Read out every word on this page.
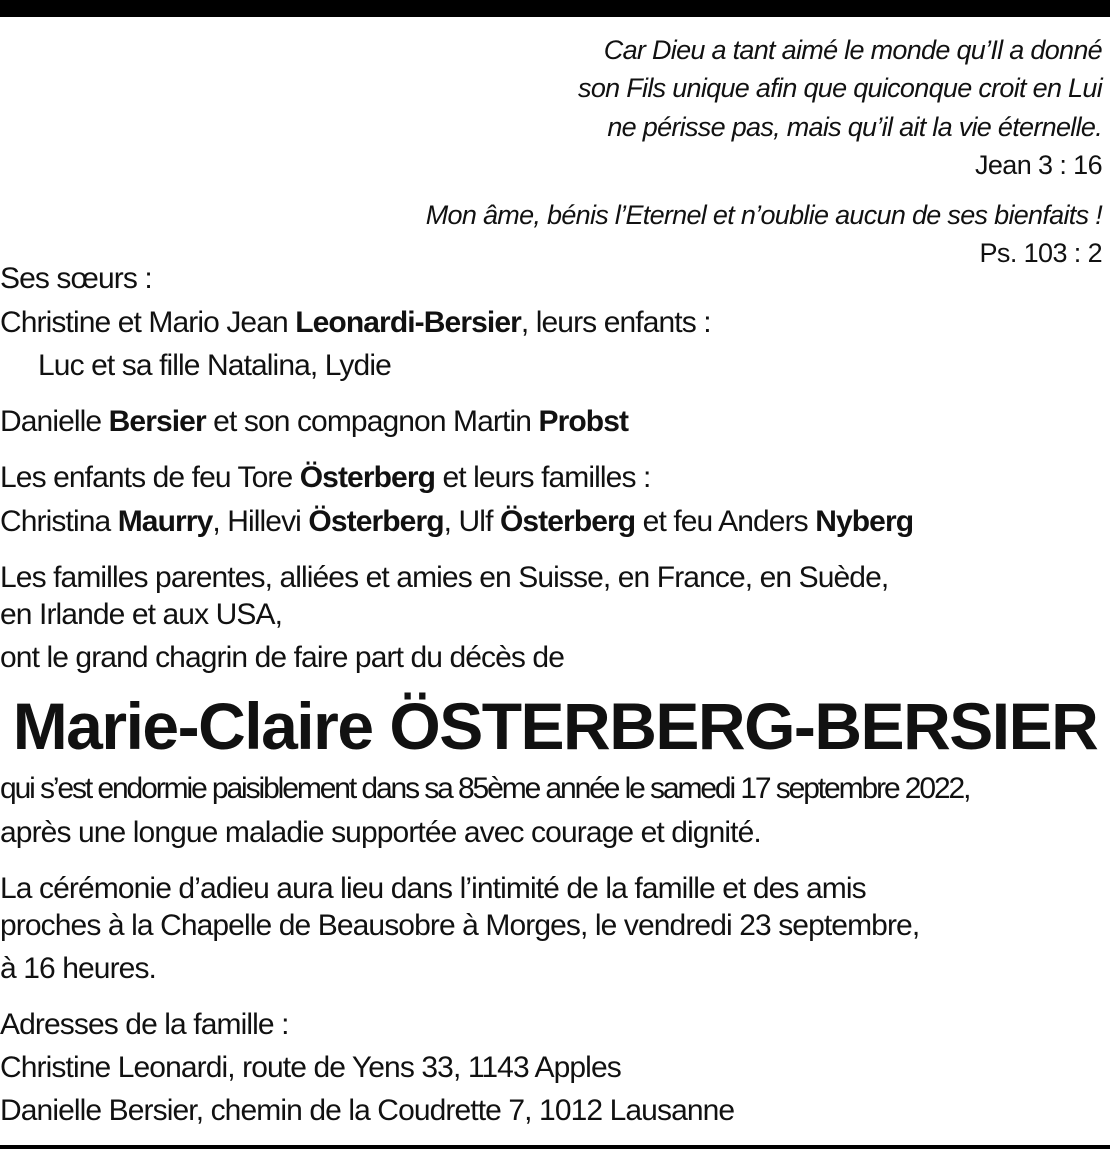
Car Dieu a tant aimé le monde qu’Il a donné
son Fils unique afin que quiconque croit en Lui
ne périsse pas, mais qu’il ait la vie éternelle.
Jean 3 : 16
Mon âme, bénis l’Eternel et n’oublie aucun de ses bienfaits !
Ps. 103 : 2
Ses sœurs :
Christine et Mario Jean Leonardi-Bersier, leurs enfants :
Luc et sa fille Natalina, Lydie
Danielle Bersier et son compagnon Martin Probst
Les enfants de feu Tore Österberg et leurs familles :
Christina Maurry, Hillevi Österberg, Ulf Österberg et feu Anders Nyberg
Les familles parentes, alliées et amies en Suisse, en France, en Suède,
en Irlande et aux USA,
ont le grand chagrin de faire part du décès de
Marie-Claire ÖSTERBERG-BERSIER
qui s’est endormie paisiblement dans sa 85ème année le samedi 17 septembre 2022,
après une longue maladie supportée avec courage et dignité.
La cérémonie d’adieu aura lieu dans l’intimité de la famille et des amis
proches à la Chapelle de Beausobre à Morges, le vendredi 23 septembre,
à 16 heures.
Adresses de la famille :
Christine Leonardi, route de Yens 33, 1143 Apples
Danielle Bersier, chemin de la Coudrette 7, 1012 Lausanne
